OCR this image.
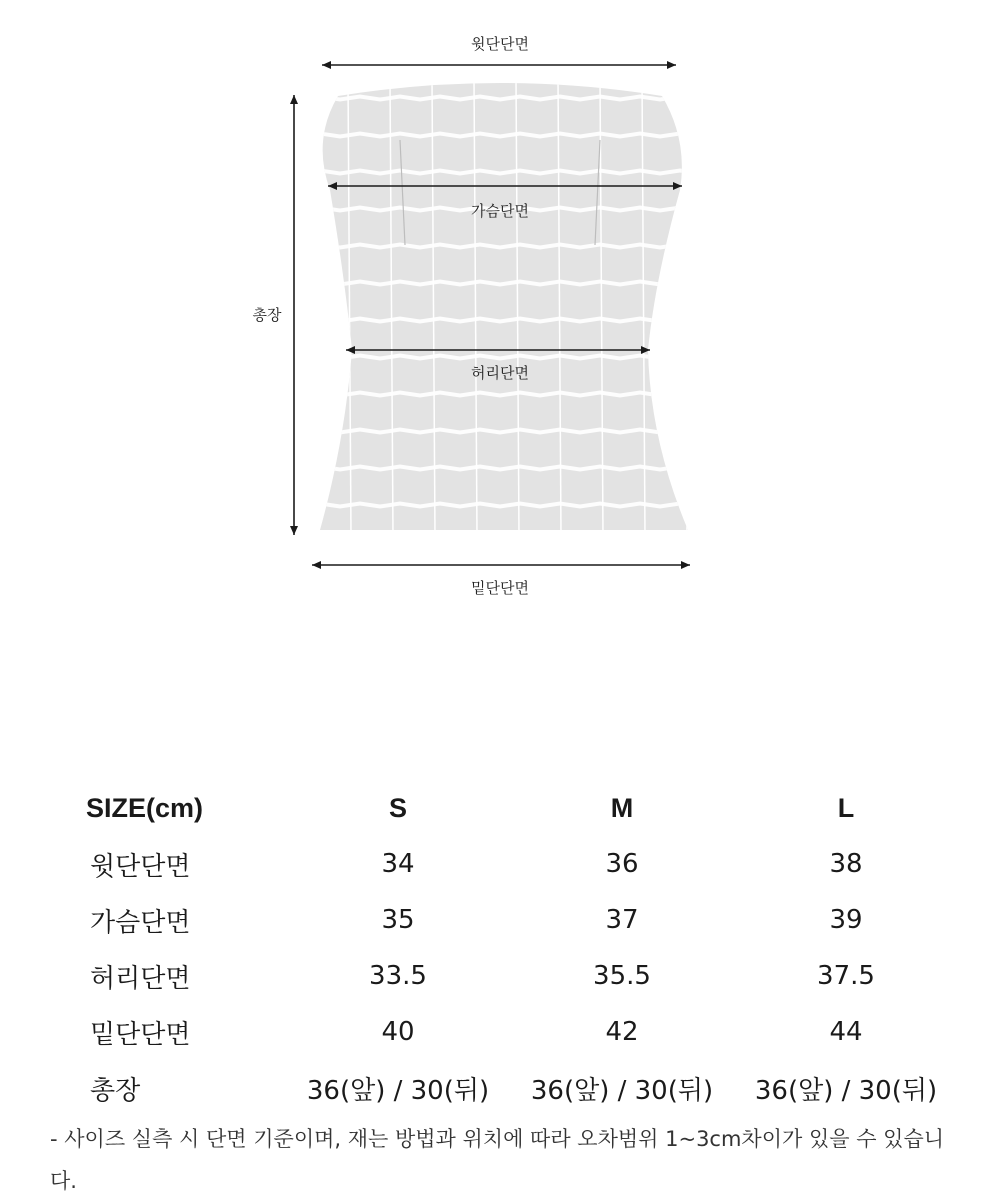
윗단단면
가슴단면
허리단면
밑단단면
총장
SIZE(cm)	S	M	L
윗단단면	34	36	38
가슴단면	35	37	39
허리단면	33.5	35.5	37.5
밑단단면	40	42	44
총장	36(앞) / 30(뒤)	36(앞) / 30(뒤)	36(앞) / 30(뒤)
- 사이즈 실측 시 단면 기준이며, 재는 방법과 위치에 따라 오차범위 1~3cm차이가 있을 수 있습니다.
